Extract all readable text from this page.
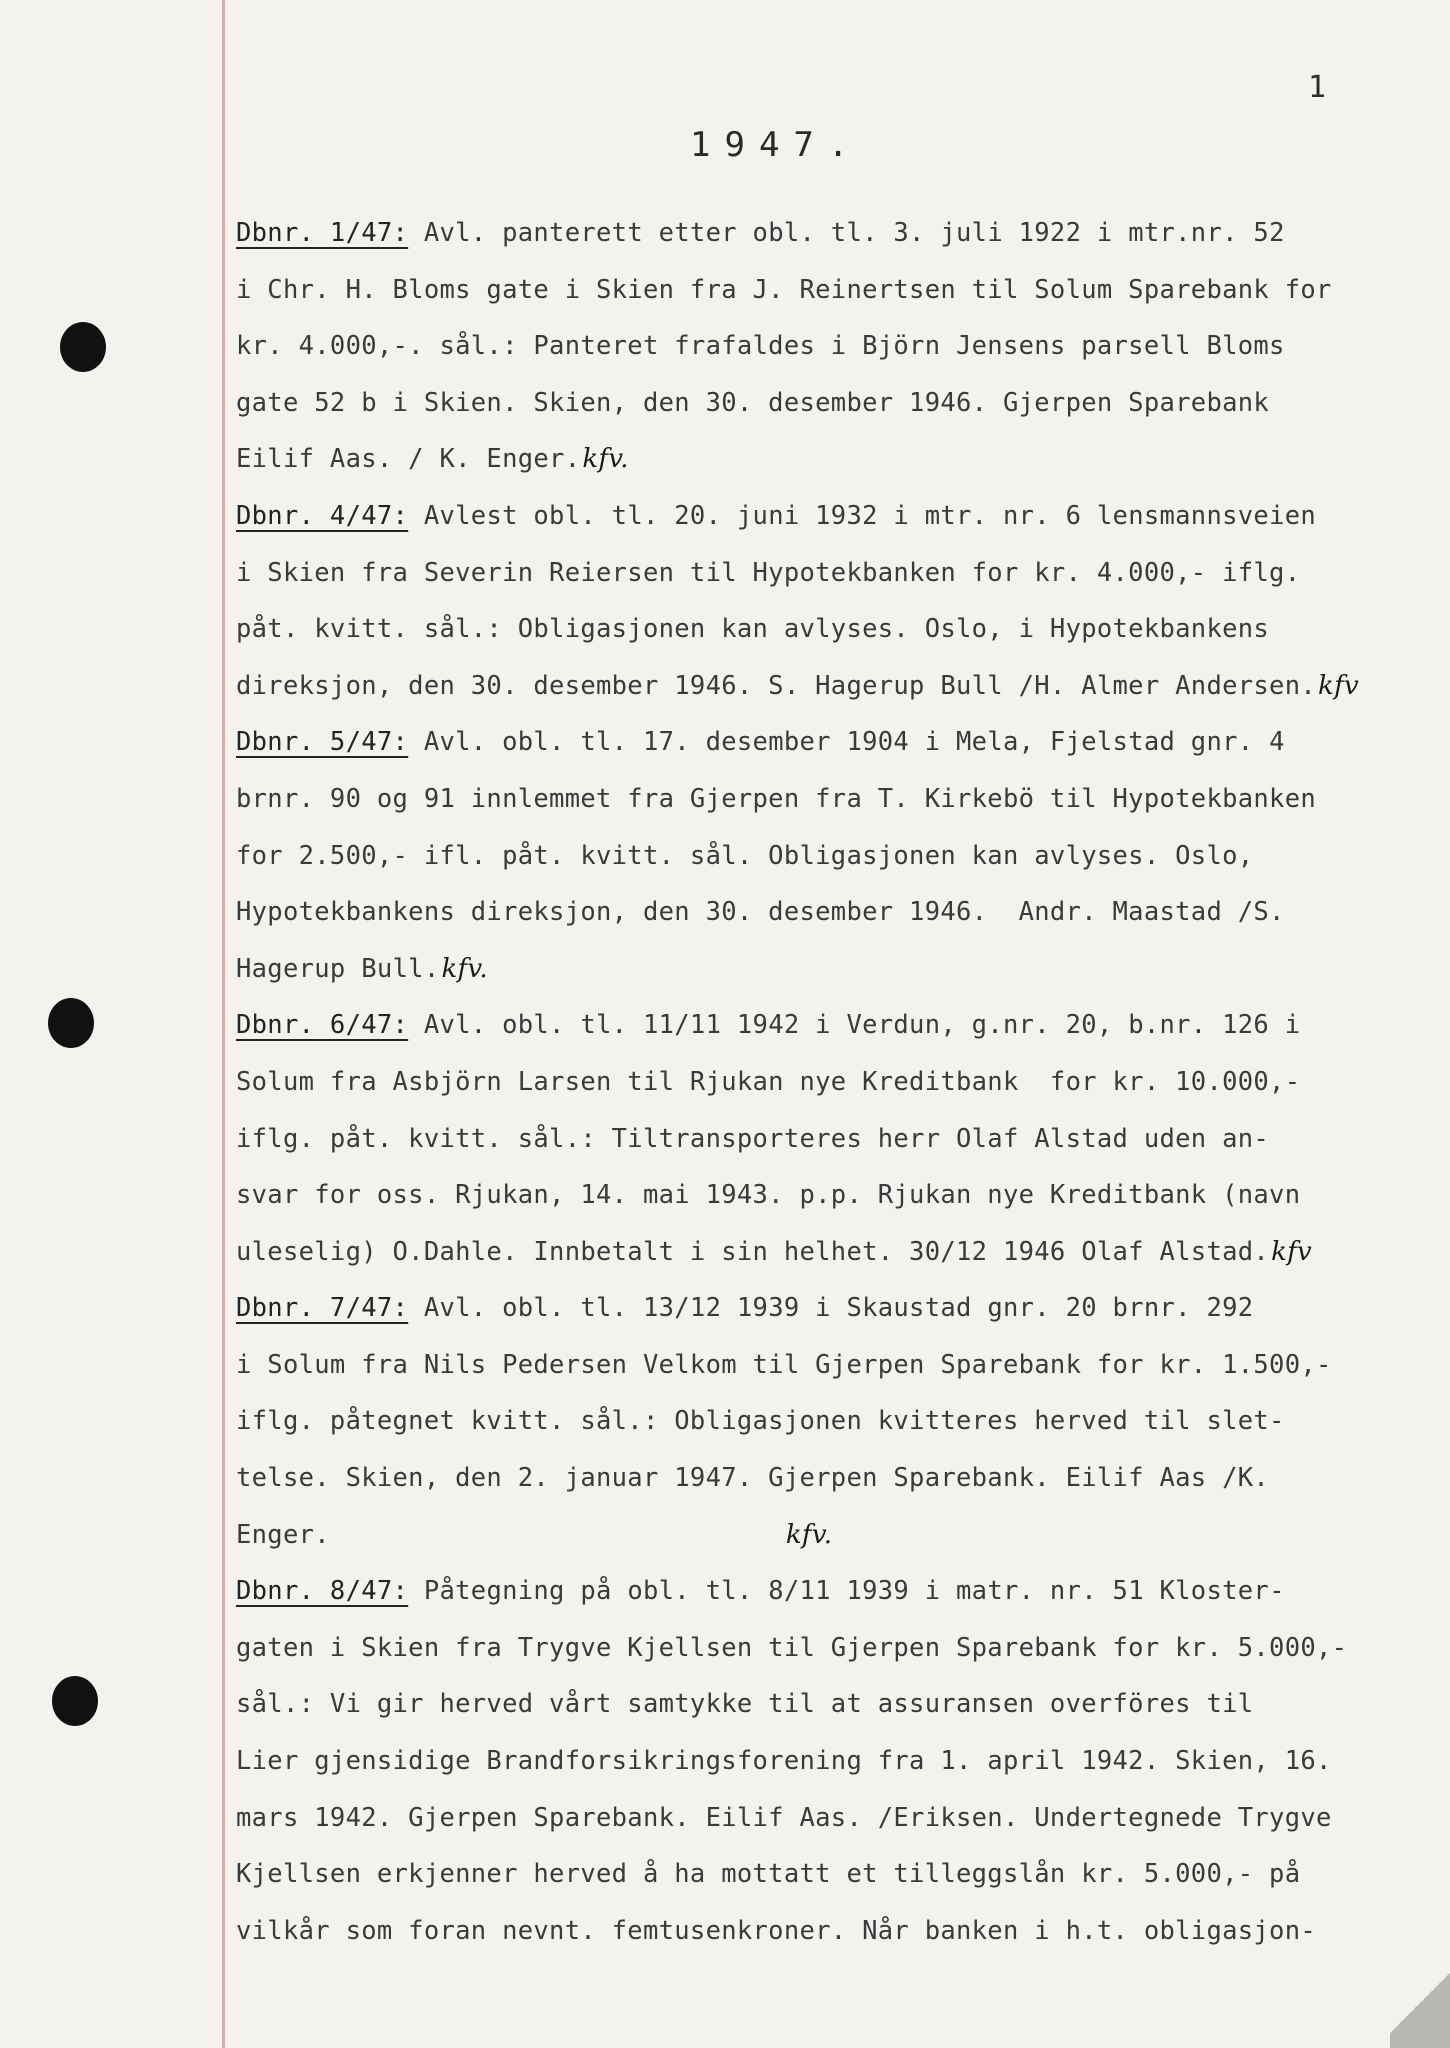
1
1947.
Dbnr. 1/47: Avl. panterett etter obl. tl. 3. juli 1922 i mtr.nr. 52
i Chr. H. Bloms gate i Skien fra J. Reinertsen til Solum Sparebank for
kr. 4.000,-. sål.: Panteret frafaldes i Björn Jensens parsell Bloms
gate 52 b i Skien. Skien, den 30. desember 1946. Gjerpen Sparebank
Eilif Aas. / K. Enger.kfv.
Dbnr. 4/47: Avlest obl. tl. 20. juni 1932 i mtr. nr. 6 lensmannsveien
i Skien fra Severin Reiersen til Hypotekbanken for kr. 4.000,- iflg.
påt. kvitt. sål.: Obligasjonen kan avlyses. Oslo, i Hypotekbankens
direksjon, den 30. desember 1946. S. Hagerup Bull /H. Almer Andersen.kfv
Dbnr. 5/47: Avl. obl. tl. 17. desember 1904 i Mela, Fjelstad gnr. 4
brnr. 90 og 91 innlemmet fra Gjerpen fra T. Kirkebö til Hypotekbanken
for 2.500,- ifl. påt. kvitt. sål. Obligasjonen kan avlyses. Oslo,
Hypotekbankens direksjon, den 30. desember 1946.  Andr. Maastad /S.
Hagerup Bull.kfv.
Dbnr. 6/47: Avl. obl. tl. 11/11 1942 i Verdun, g.nr. 20, b.nr. 126 i
Solum fra Asbjörn Larsen til Rjukan nye Kreditbank  for kr. 10.000,-
iflg. påt. kvitt. sål.: Tiltransporteres herr Olaf Alstad uden an-
svar for oss. Rjukan, 14. mai 1943. p.p. Rjukan nye Kreditbank (navn
uleselig) O.Dahle. Innbetalt i sin helhet. 30/12 1946 Olaf Alstad.kfv
Dbnr. 7/47: Avl. obl. tl. 13/12 1939 i Skaustad gnr. 20 brnr. 292
i Solum fra Nils Pedersen Velkom til Gjerpen Sparebank for kr. 1.500,-
iflg. påtegnet kvitt. sål.: Obligasjonen kvitteres herved til slet-
telse. Skien, den 2. januar 1947. Gjerpen Sparebank. Eilif Aas /K.
Enger.                                                     kfv.
Dbnr. 8/47: Påtegning på obl. tl. 8/11 1939 i matr. nr. 51 Kloster-
gaten i Skien fra Trygve Kjellsen til Gjerpen Sparebank for kr. 5.000,-
sål.: Vi gir herved vårt samtykke til at assuransen overföres til
Lier gjensidige Brandforsikringsforening fra 1. april 1942. Skien, 16.
mars 1942. Gjerpen Sparebank. Eilif Aas. /Eriksen. Undertegnede Trygve
Kjellsen erkjenner herved å ha mottatt et tilleggslån kr. 5.000,- på
vilkår som foran nevnt. femtusenkroner. Når banken i h.t. obligasjon-
